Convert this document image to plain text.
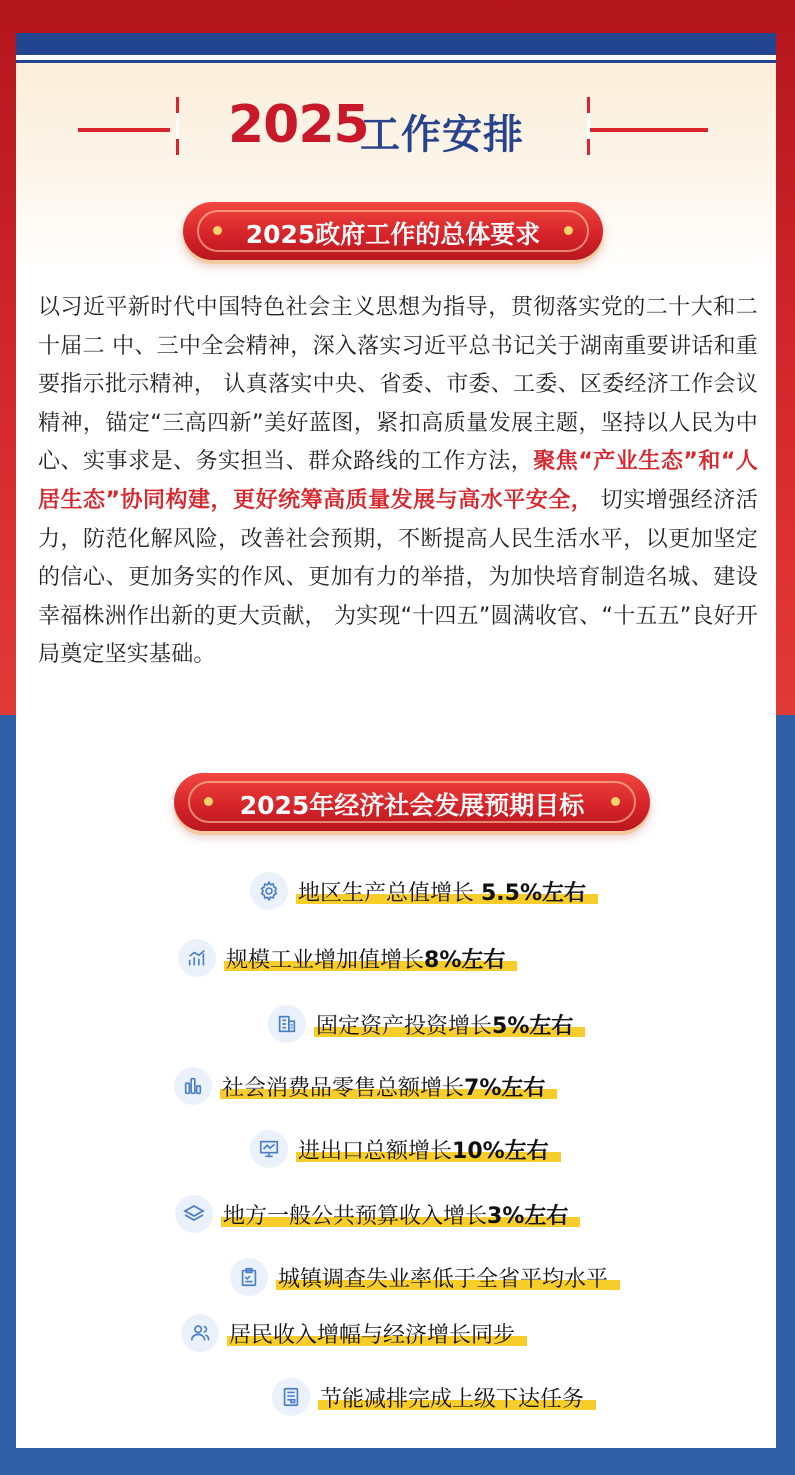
2025
工作安排
2025政府工作的总体要求
以习近平新时代中国特色社会主义思想为指导，贯彻落实党的二十大和二十届二 中、三中全会精神，深入落实习近平总书记关于湖南重要讲话和重要指示批示精神， 认真落实中央、省委、市委、工委、区委经济工作会议精神，锚定“三高四新”美好蓝图，紧扣高质量发展主题，坚持以人民为中心、实事求是、务实担当、群众路线的工作方法，聚焦“产业生态”和“人居生态”协同构建，更好统筹高质量发展与高水平安全， 切实增强经济活力，防范化解风险，改善社会预期，不断提高人民生活水平，以更加坚定的信心、更加务实的作风、更加有力的举措，为加快培育制造名城、建设幸福株洲作出新的更大贡献， 为实现“十四五”圆满收官、“十五五”良好开局奠定坚实基础。
2025年经济社会发展预期目标
地区生产总值增长 5.5%左右
规模工业增加值增长8%左右
固定资产投资增长5%左右
社会消费品零售总额增长7%左右
进出口总额增长10%左右
地方一般公共预算收入增长3%左右
城镇调查失业率低于全省平均水平
居民收入增幅与经济增长同步
节能减排完成上级下达任务
